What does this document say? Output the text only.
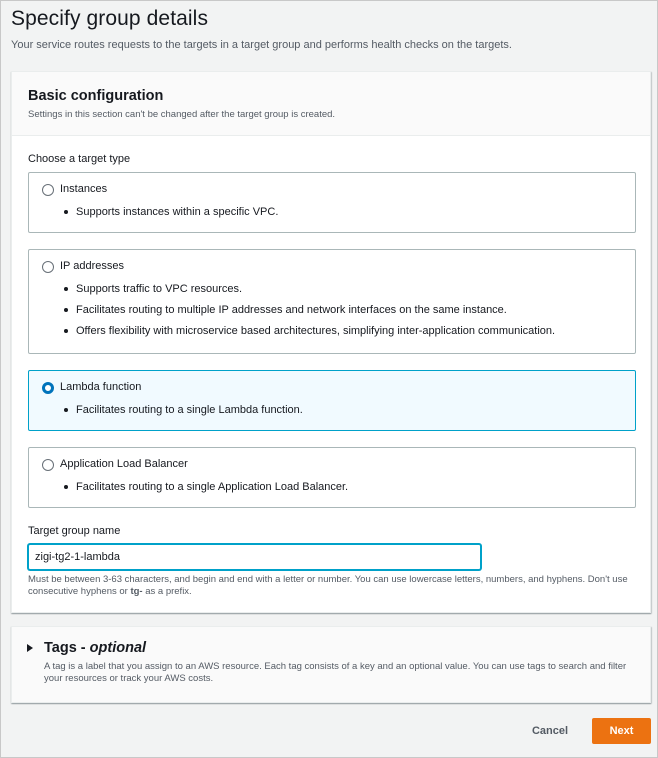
Specify group details

Your service routes requests to the targets in a target group and performs health checks on the targets.

Basic configuration

Settings in this section can't be changed after the target group is created.

Choose a target type
Instances
Supports instances within a specific VPC.
IP addresses
Supports traffic to VPC resources.
Facilitates routing to multiple IP addresses and network interfaces on the same instance.
Offers flexibility with microservice based architectures, simplifying inter-application communication.
Lambda function
Facilitates routing to a single Lambda function.
Application Load Balancer
Facilitates routing to a single Application Load Balancer.
Target group name
zigi-tg2-1-lambda

Must be between 3-63 characters, and begin and end with a letter or number. You can use lowercase letters, numbers, and hyphens. Don't use consecutive hyphens or tg- as a prefix.

Tags - optional

A tag is a label that you assign to an AWS resource. Each tag consists of a key and an optional value. You can use tags to search and filter your resources or track your AWS costs.

Cancel	Next
